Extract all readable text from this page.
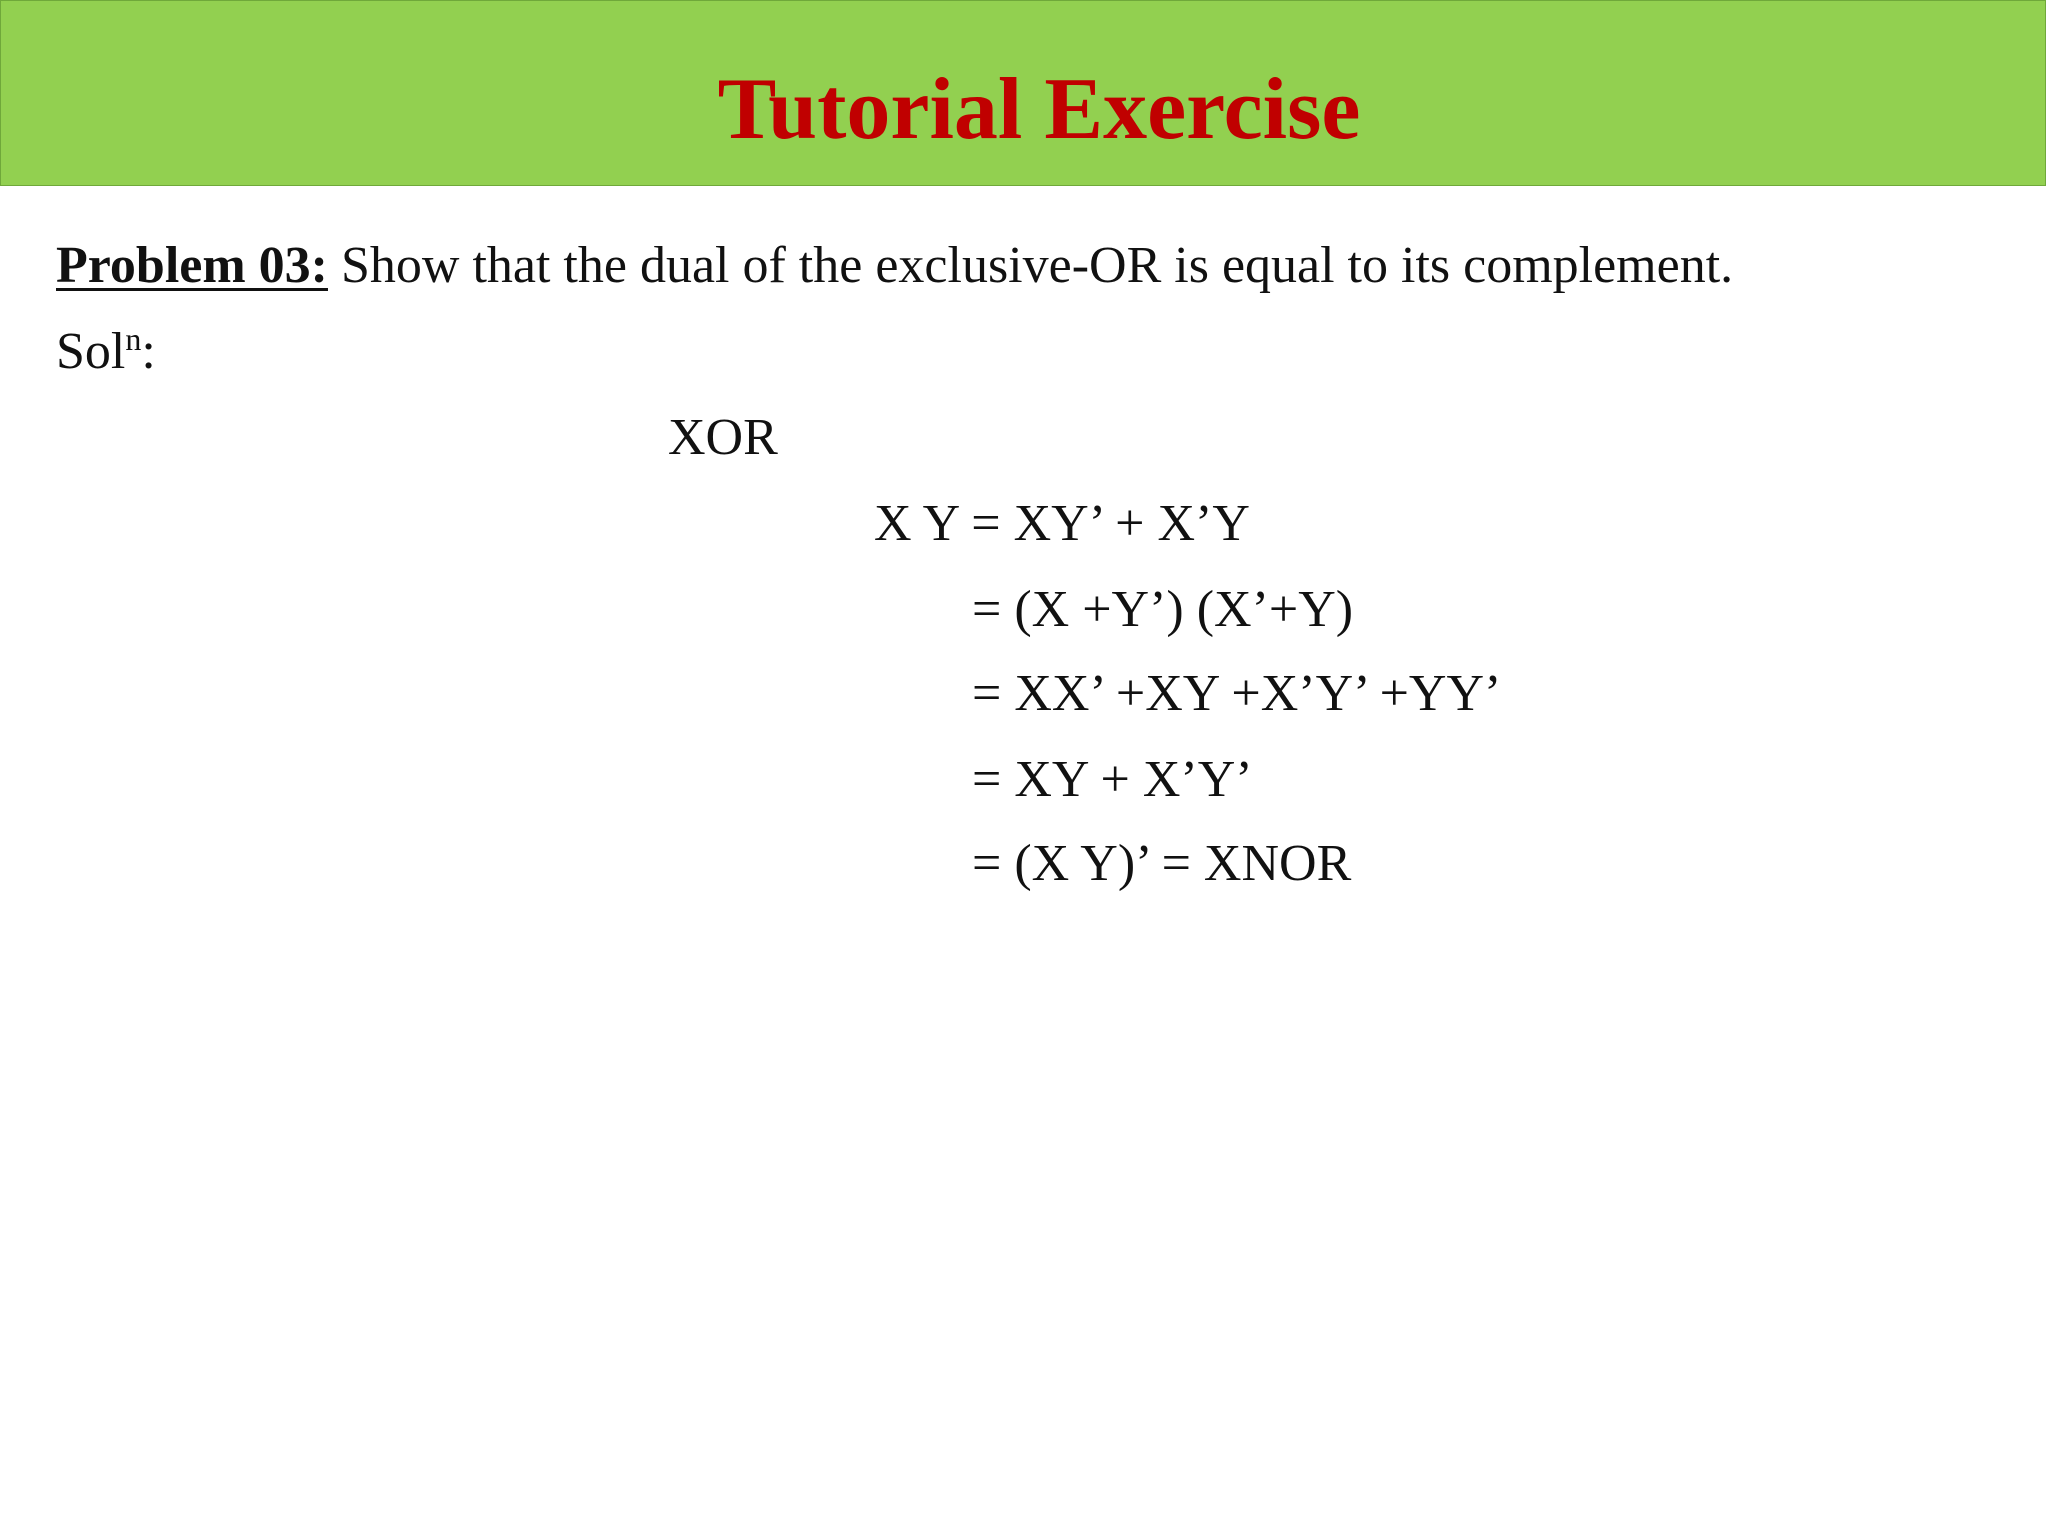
Tutorial Exercise
Problem 03: Show that the dual of the exclusive-OR is equal to its complement.
Sol$^n$:
XOR
X Y = XY’ + X’Y
= (X +Y’) (X’+Y)
= XX’ +XY +X’Y’ +YY’
= XY + X’Y’
= (X Y)’ = XNOR
